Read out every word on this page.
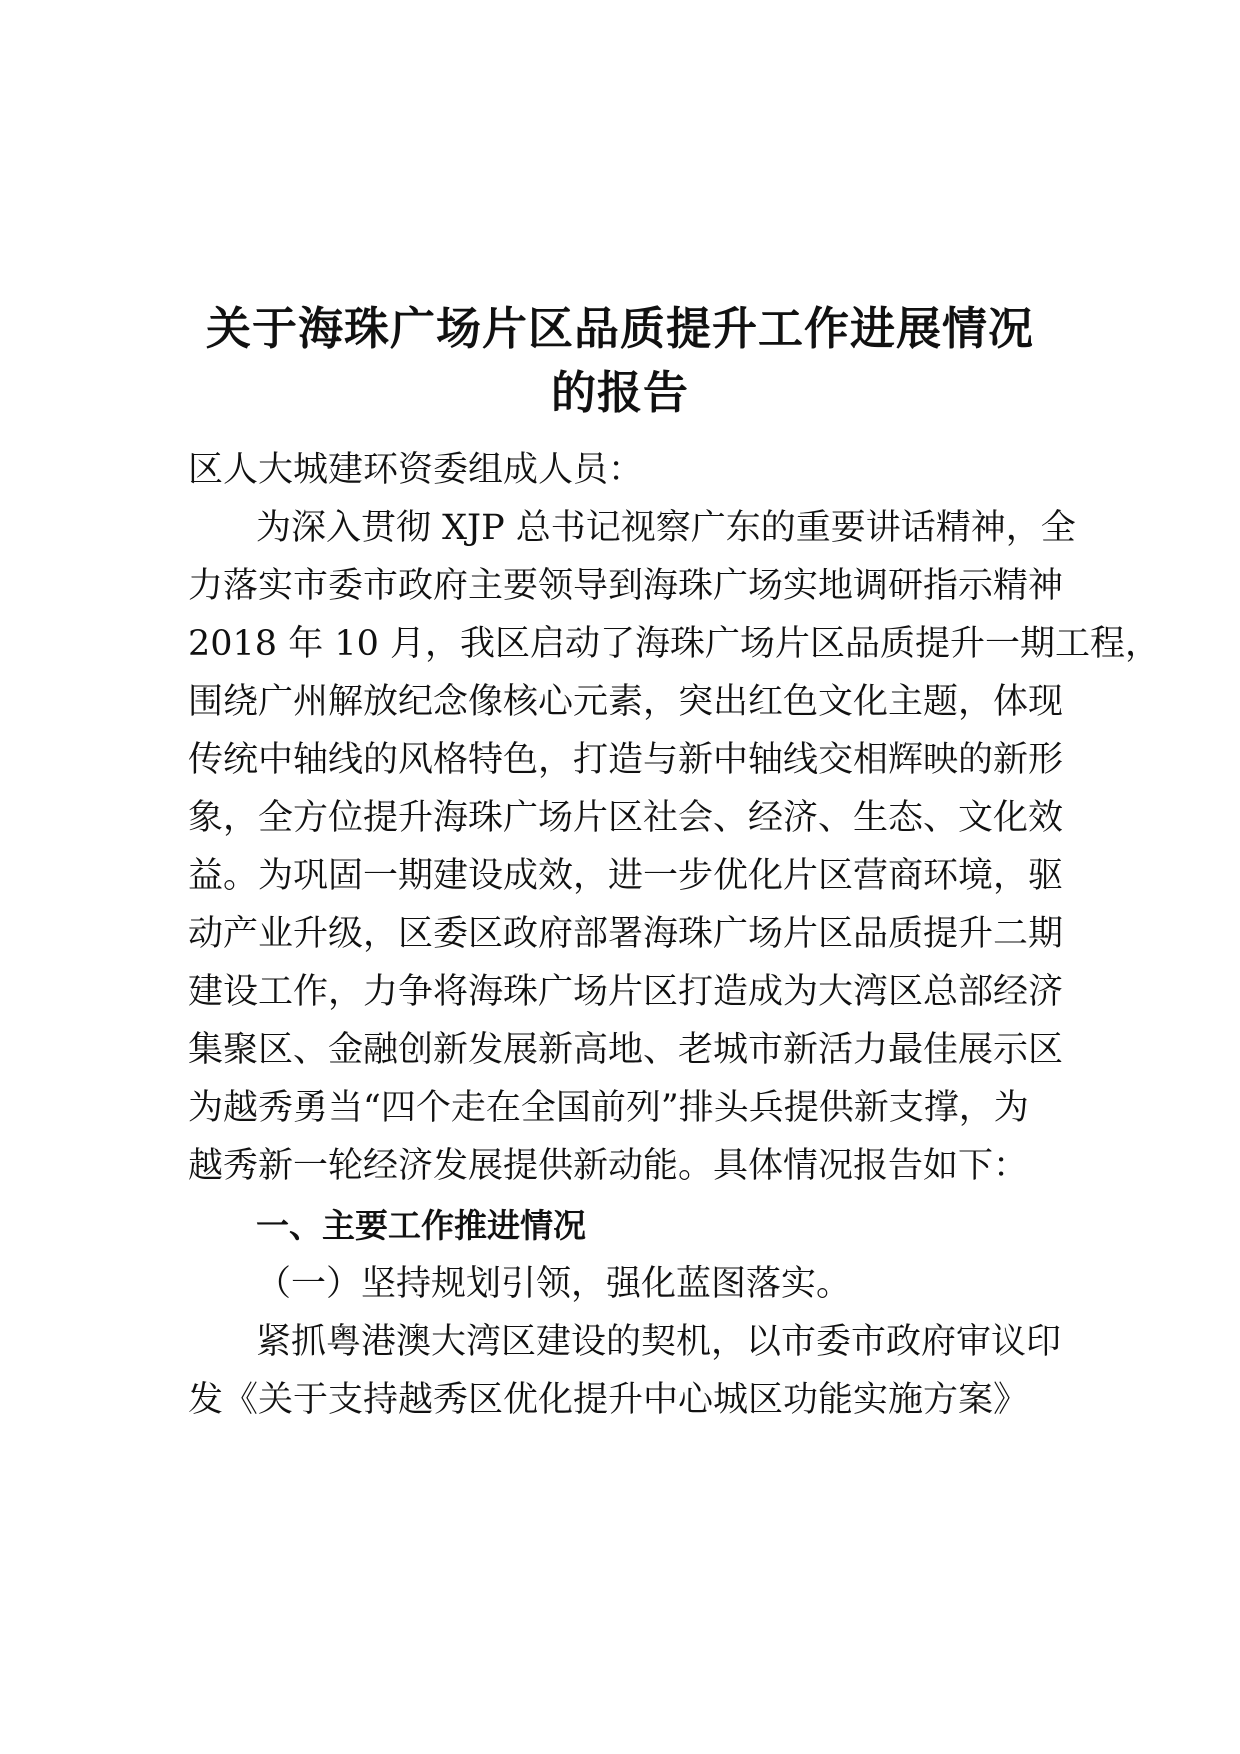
关于海珠广场片区品质提升工作进展情况
的报告
区人大城建环资委组成人员：
为深入贯彻 XJP 总书记视察广东的重要讲话精神，全
力落实市委市政府主要领导到海珠广场实地调研指示精神
2018 年 10 月，我区启动了海珠广场片区品质提升一期工程，
围绕广州解放纪念像核心元素，突出红色文化主题，体现
传统中轴线的风格特色，打造与新中轴线交相辉映的新形
象，全方位提升海珠广场片区社会、经济、生态、文化效
益。为巩固一期建设成效，进一步优化片区营商环境，驱
动产业升级，区委区政府部署海珠广场片区品质提升二期
建设工作，力争将海珠广场片区打造成为大湾区总部经济
集聚区、金融创新发展新高地、老城市新活力最佳展示区
为越秀勇当“四个走在全国前列”排头兵提供新支撑，为
越秀新一轮经济发展提供新动能。具体情况报告如下：
一、主要工作推进情况
（一）坚持规划引领，强化蓝图落实。
紧抓粤港澳大湾区建设的契机，以市委市政府审议印
发《关于支持越秀区优化提升中心城区功能实施方案》
